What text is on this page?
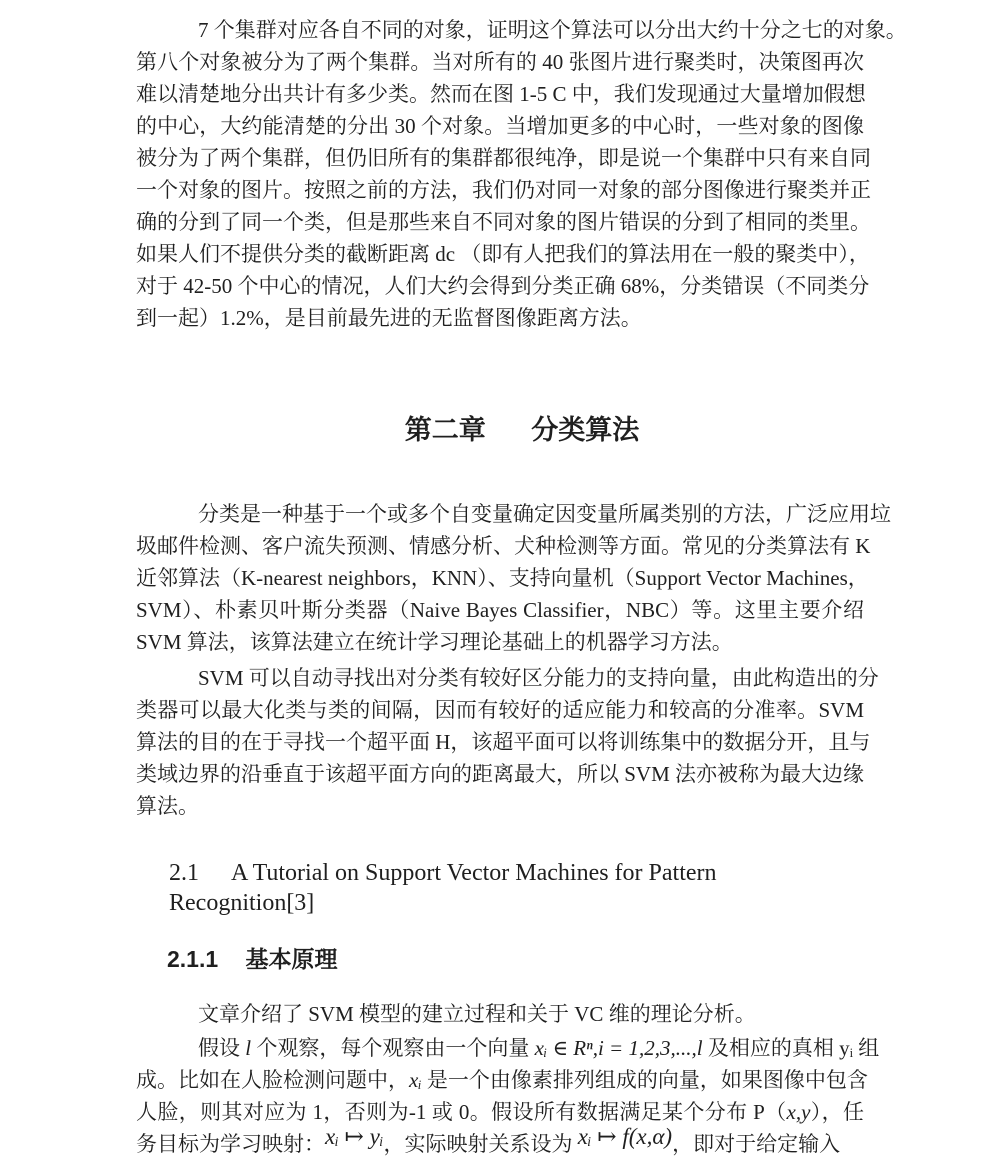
7 个集群对应各自不同的对象，证明这个算法可以分出大约十分之七的对象。
第八个对象被分为了两个集群。当对所有的 40 张图片进行聚类时，决策图再次
难以清楚地分出共计有多少类。然而在图 1-5 C 中，我们发现通过大量增加假想
的中心，大约能清楚的分出 30 个对象。当增加更多的中心时，一些对象的图像
被分为了两个集群，但仍旧所有的集群都很纯净，即是说一个集群中只有来自同
一个对象的图片。按照之前的方法，我们仍对同一对象的部分图像进行聚类并正
确的分到了同一个类，但是那些来自不同对象的图片错误的分到了相同的类里。
如果人们不提供分类的截断距离 dc （即有人把我们的算法用在一般的聚类中），
对于 42-50 个中心的情况，人们大约会得到分类正确 68%，分类错误（不同类分
到一起）1.2%，是目前最先进的无监督图像距离方法。
第二章 分类算法
分类是一种基于一个或多个自变量确定因变量所属类别的方法，广泛应用垃
圾邮件检测、客户流失预测、情感分析、犬种检测等方面。常见的分类算法有 K
近邻算法（K-nearest neighbors，KNN）、支持向量机（Support Vector Machines，
SVM）、朴素贝叶斯分类器（Naive Bayes Classifier，NBC）等。这里主要介绍
SVM 算法，该算法建立在统计学习理论基础上的机器学习方法。
SVM 可以自动寻找出对分类有较好区分能力的支持向量，由此构造出的分
类器可以最大化类与类的间隔，因而有较好的适应能力和较高的分准率。SVM
算法的目的在于寻找一个超平面 H，该超平面可以将训练集中的数据分开，且与
类域边界的沿垂直于该超平面方向的距离最大，所以 SVM 法亦被称为最大边缘
算法。
2.1 A Tutorial on Support Vector Machines for Pattern Recognition[3]
2.1.1 基本原理
文章介绍了 SVM 模型的建立过程和关于 VC 维的理论分析。
假设 l 个观察，每个观察由一个向量 xᵢ ∈ Rⁿ,i = 1,2,3,...,l 及相应的真相 yᵢ 组
成。比如在人脸检测问题中，xᵢ 是一个由像素排列组成的向量，如果图像中包含
人脸，则其对应为 1，否则为-1 或 0。假设所有数据满足某个分布 P（x,y），任
务目标为学习映射：xᵢ ↦ yᵢ，实际映射关系设为 xᵢ ↦ f(x,α)，即对于给定输入
